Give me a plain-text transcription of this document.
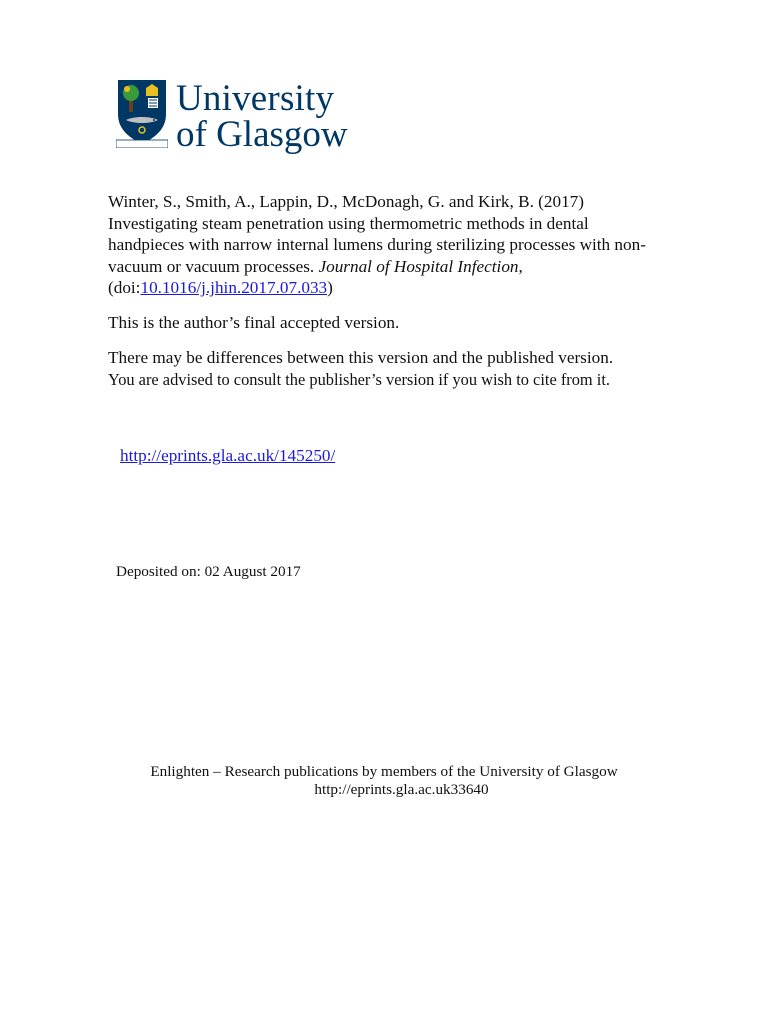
University
of Glasgow
Winter, S., Smith, A., Lappin, D., McDonagh, G. and Kirk, B. (2017) Investigating steam penetration using thermometric methods in dental handpieces with narrow internal lumens during sterilizing processes with non-vacuum or vacuum processes. Journal of Hospital Infection, (doi:10.1016/j.jhin.2017.07.033)
This is the author’s final accepted version.
There may be differences between this version and the published version.
You are advised to consult the publisher’s version if you wish to cite from it.
http://eprints.gla.ac.uk/145250/
Deposited on: 02 August 2017
Enlighten – Research publications by members of the University of Glasgow
http://eprints.gla.ac.uk33640
